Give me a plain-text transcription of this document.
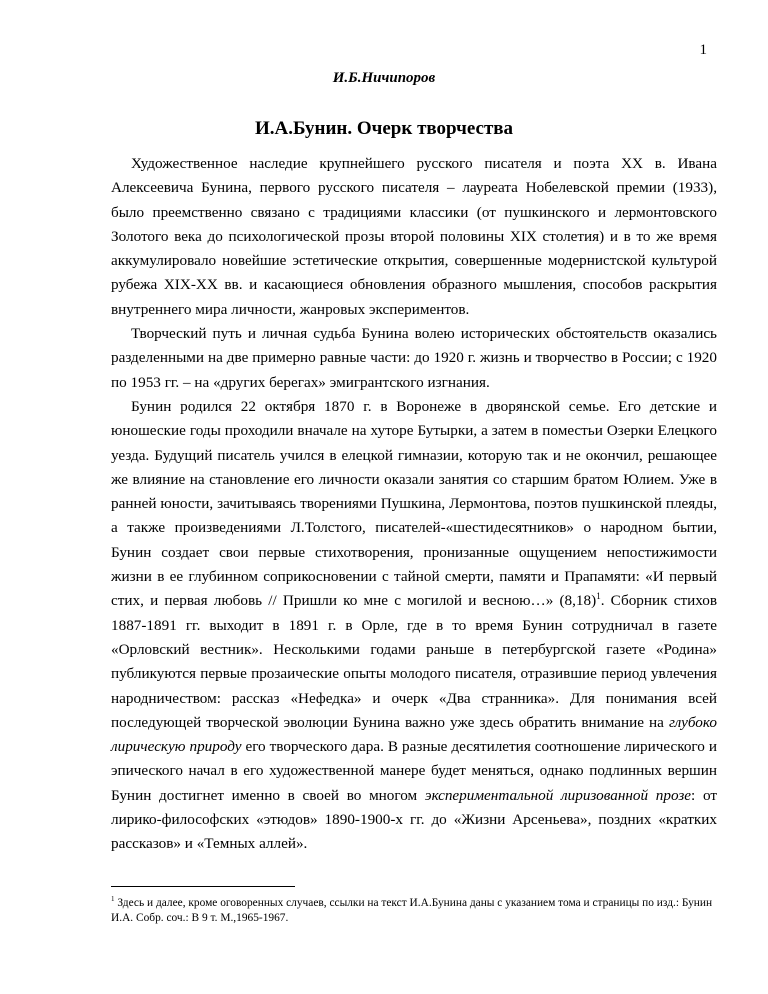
1
И.Б.Ничипоров
И.А.Бунин. Очерк творчества

Художественное наследие крупнейшего русского писателя и поэта XX в. Ивана Алексеевича Бунина, первого русского писателя – лауреата Нобелевской премии (1933), было преемственно связано с традициями классики (от пушкинского и лермонтовского Золотого века до психологической прозы второй половины XIX столетия) и в то же время аккумулировало новейшие эстетические открытия, совершенные модернистской культурой рубежа XIX-XX вв. и касающиеся обновления образного мышления, способов раскрытия внутреннего мира личности, жанровых экспериментов.

Творческий путь и личная судьба Бунина волею исторических обстоятельств оказались разделенными на две примерно равные части: до 1920 г. жизнь и творчество в России; с 1920 по 1953 гг. – на «других берегах» эмигрантского изгнания.

Бунин родился 22 октября 1870 г. в Воронеже в дворянской семье. Его детские и юношеские годы проходили вначале на хуторе Бутырки, а затем в поместьи Озерки Елецкого уезда. Будущий писатель учился в елецкой гимназии, которую так и не окончил, решающее же влияние на становление его личности оказали занятия со старшим братом Юлием. Уже в ранней юности, зачитываясь творениями Пушкина, Лермонтова, поэтов пушкинской плеяды, а также произведениями Л.Толстого, писателей-«шестидесятников» о народном бытии, Бунин создает свои первые стихотворения, пронизанные ощущением непостижимости жизни в ее глубинном соприкосновении с тайной смерти, памяти и Прапамяти: «И первый стих, и первая любовь // Пришли ко мне с могилой и весною…» $(8,18)^1$. Сборник стихов 1887-1891 гг. выходит в 1891 г. в Орле, где в то время Бунин сотрудничал в газете «Орловский вестник». Несколькими годами раньше в петербургской газете «Родина» публикуются первые прозаические опыты молодого писателя, отразившие период увлечения народничеством: рассказ «Нефедка» и очерк «Два странника». Для понимания всей последующей творческой эволюции Бунина важно уже здесь обратить внимание на глубоко лирическую природу его творческого дара. В разные десятилетия соотношение лирического и эпического начал в его художественной манере будет меняться, однако подлинных вершин Бунин достигнет именно в своей во многом экспериментальной лиризованной прозе: от лирико-философских «этюдов» 1890-1900-х гг. до «Жизни Арсеньева», поздних «кратких рассказов» и «Темных аллей».

$^1$ Здесь и далее, кроме оговоренных случаев, ссылки на текст И.А.Бунина даны с указанием тома и страницы по изд.: Бунин И.А. Собр. соч.: В 9 т. М.,1965-1967.
